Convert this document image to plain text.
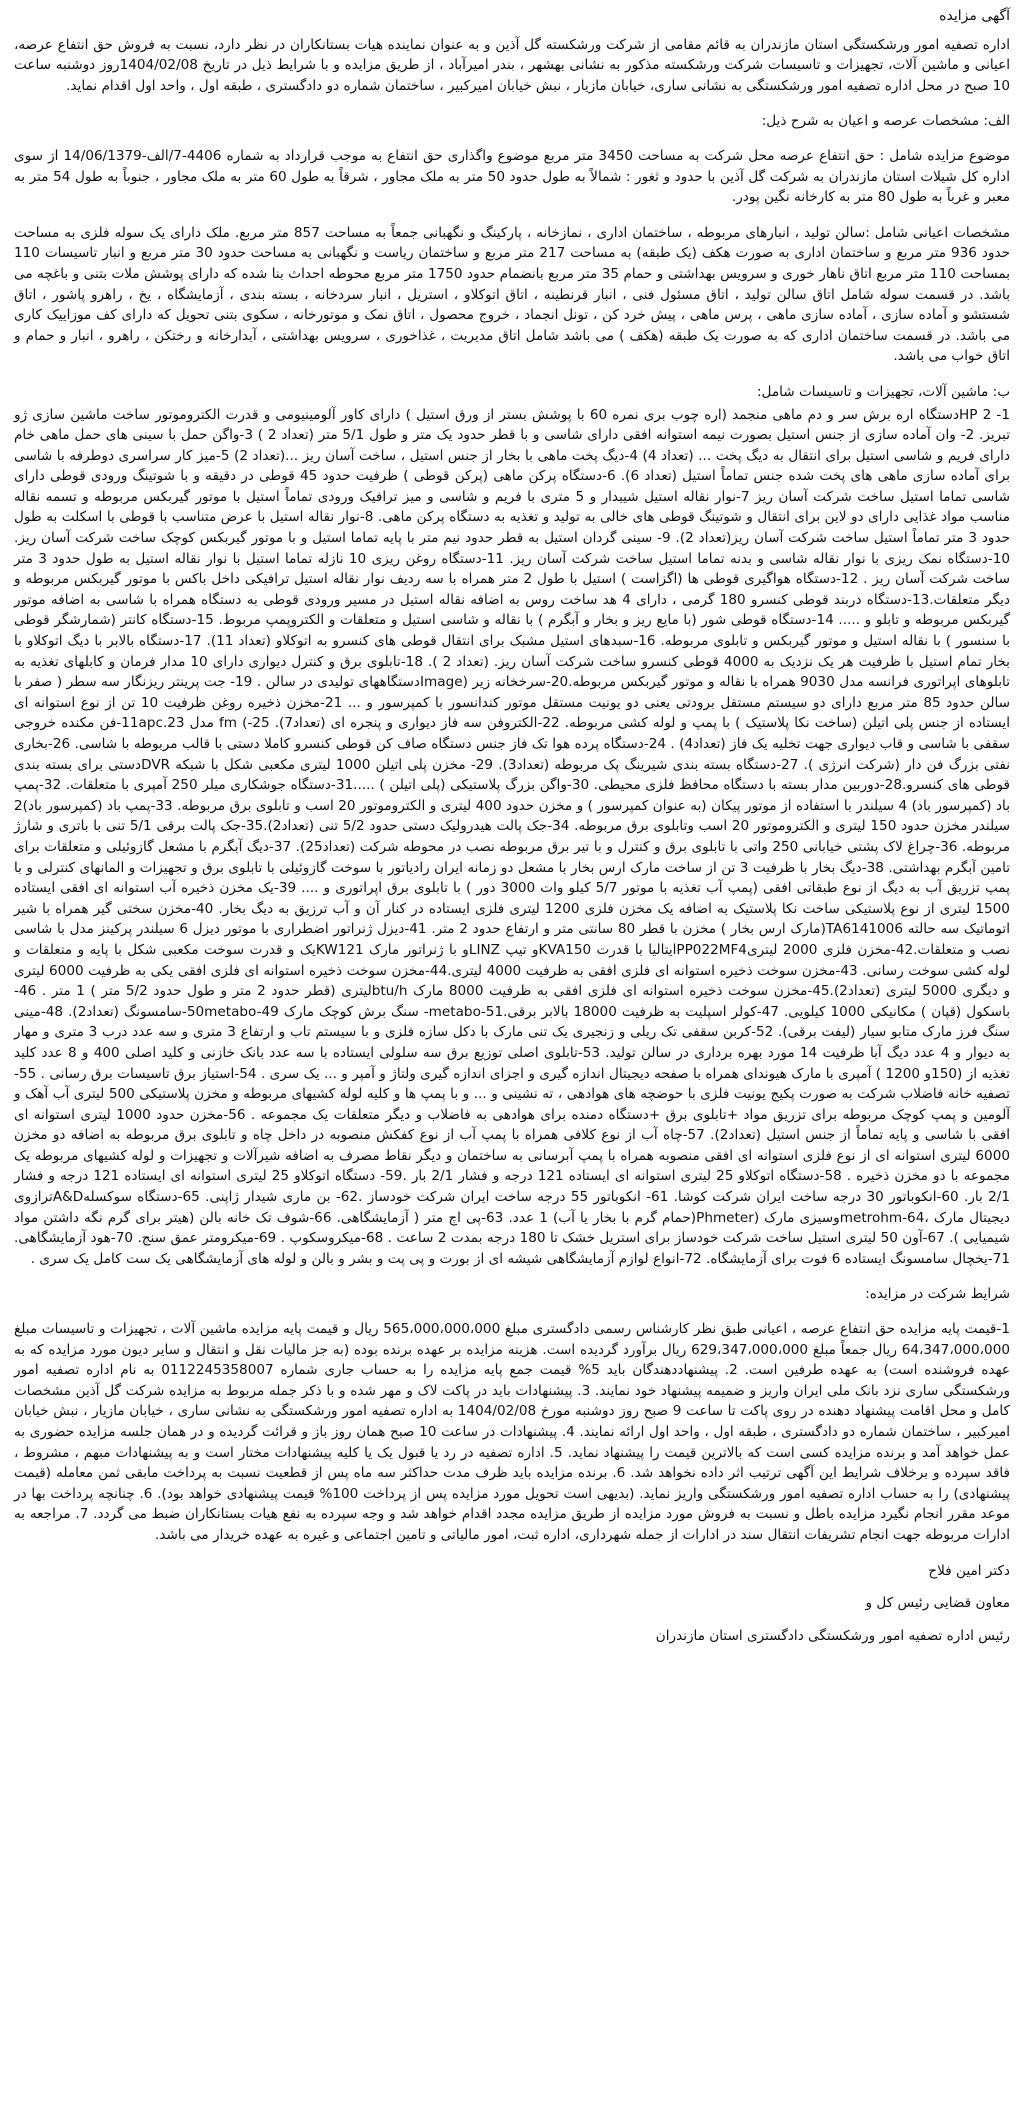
آگهی مزایده
اداره تصفیه امور ورشکستگی استان مازندران به قائم مقامی از شرکت ورشکسته گل آذین و به عنوان نماینده هیات بستانکاران در نظر دارد، نسبت به فروش حق انتفاع عرصه، اعیانی و ماشین آلات، تجهیزات و تاسیسات شرکت ورشکسته مذکور به نشانی بهشهر ، بندر امیرآباد ، از طریق مزایده و با شرایط ذیل در تاریخ 1404/02/08روز دوشنبه ساعت 10 صبح در محل اداره تصفیه امور ورشکستگی به نشانی ساری، خیابان مازیار ، نبش خیابان امیرکبیر ، ساختمان شماره دو دادگستری ، طبقه اول ، واحد اول اقدام نماید.
الف: مشخصات عرصه و اعیان به شرح ذیل:
موضوع مزایده شامل : حق انتفاع عرصه محل شرکت به مساحت 3450 متر مربع موضوع واگذاری حق انتفاع به موجب قرارداد به شماره 4406-7/الف-14/06/1379 از سوی اداره کل شیلات استان مازندران به شرکت گل آذین با حدود و ثغور : شمالاً به طول حدود 50 متر به ملک مجاور ، شرقاً به طول 60 متر به ملک مجاور ، جنوباً به طول 54 متر به معبر و غرباً به طول 80 متر به کارخانه نگین پودر.
مشخصات اعیانی شامل :سالن تولید ، انبارهای مربوطه ، ساختمان اداری ، نمازخانه ، پارکینگ و نگهبانی جمعاً به مساحت 857 متر مربع. ملک دارای یک سوله فلزی به مساحت حدود 936 متر مربع و ساختمان اداری به صورت هکف (یک طبقه) به مساحت 217 متر مربع و ساختمان ریاست و نگهبانی به مساحت حدود 30 متر مربع و انبار تاسیسات 110 بمساحت 110 متر مربع اتاق ناهار خوری و سرویس بهداشتی و حمام 35 متر مربع بانضمام حدود 1750 متر مربع محوطه احداث بنا شده که دارای پوشش ملات بتنی و باغچه می باشد. در قسمت سوله شامل اتاق سالن تولید ، اتاق مسئول فنی ، انبار قرنطینه ، اتاق اتوکلاو ، استریل ، انبار سردخانه ، بسته بندی ، آزمایشگاه ، یخ ، راهرو پاشور ، اتاق شستشو و آماده سازی ، آماده سازی ماهی ، پرس ماهی ، پیش خرد کن ، تونل انجماد ، خروج محصول ، اتاق نمک و موتورخانه ، سکوی بتنی تحویل که دارای کف موزاییک کاری می باشد. در قسمت ساختمان اداری که به صورت یک طبقه (هکف ) می باشد شامل اتاق مدیریت ، غذاخوری ، سرویس بهداشتی ، آبدارخانه و رختکن ، راهرو ، انبار و حمام و اتاق خواب می باشد.
ب: ماشین آلات، تجهیزات و تاسیسات شامل:
1- HP 2دستگاه اره برش سر و دم ماهی منجمد (اره چوب بری نمره 60 با پوشش بستر از ورق استیل ) دارای کاور آلومینیومی و قدرت الکتروموتور ساخت ماشین سازی ژو تبریز. 2- وان آماده سازی از جنس استیل بصورت نیمه استوانه افقی دارای شاسی و با قطر حدود یک متر و طول 5/1 متر (تعداد 2 ) 3-واگن حمل با سینی های حمل ماهی خام دارای فریم و شاسی استیل برای انتقال به دیگ پخت ... (تعداد 4) 4-دیگ پخت ماهی با بخار از جنس استیل ، ساخت آسان ریز ...(تعداد 2) 5-میز کار سراسری دوطرفه با شاسی برای آماده سازی ماهی های پخت شده جنس تماماً استیل (تعداد 6). 6-دستگاه پرکن ماهی (پرکن قوطی ) ظرفیت حدود 45 قوطی در دقیقه و با شوتینگ ورودی قوطی دارای شاسی تماما استیل ساخت شرکت آسان ریز 7-نوار نقاله استیل شیبدار و 5 متری با فریم و شاسی و میز ترافیک ورودی تماماً استیل با موتور گیربکس مربوطه و تسمه نقاله مناسب مواد غذایی دارای دو لاین برای انتقال و شوتینگ قوطی های خالی به تولید و تغذیه به دستگاه پرکن ماهی. 8-نوار نقاله استیل با عرض متناسب با قوطی با اسکلت به طول حدود 3 متر تماماً استیل ساخت شرکت آسان ریز(تعداد 2). 9- سینی گردان استیل به قطر حدود نیم متر با پایه تماما استیل و با موتور گیربکس کوچک ساخت شرکت آسان ریز. 10-دستگاه نمک ریزی با نوار نقاله شاسی و بدنه تماما استیل ساخت شرکت آسان ریز. 11-دستگاه روغن ریزی 10 نازله تماما استیل با نوار نقاله استیل به طول حدود 3 متر ساخت شرکت آسان ریز . 12-دستگاه هواگیری قوطی ها (اگزاست ) استیل با طول 2 متر همراه با سه ردیف نوار نقاله استیل ترافیکی داخل باکس با موتور گیربکس مربوطه و دیگر متعلقات.13-دستگاه دربند قوطی کنسرو 180 گرمی ، دارای 4 هد ساخت روس به اضافه نقاله استیل در مسیر ورودی قوطی به دستگاه همراه با شاسی به اضافه موتور گیربکس مربوطه و تابلو و ..... 14-دستگاه قوطی شور (با مایع ریز و بخار و آبگرم ) با نقاله و شاسی استیل و متعلقات و الکتروپمپ مربوط. 15-دستگاه کانتر (شمارشگر قوطی با سنسور ) با نقاله استیل و موتور گیربکس و تابلوی مربوطه. 16-سبدهای استیل مشبک برای انتقال قوطی های کنسرو به اتوکلاو (تعداد 11). 17-دستگاه بالابر با دیگ اتوکلاو با بخار تمام استیل با ظرفیت هر یک نزدیک به 4000 قوطی کنسرو ساخت شرکت آسان ریز. (تعداد 2 ). 18-تابلوی برق و کنترل دیواری دارای 10 مدار فرمان و کابلهای تغذیه به تابلوهای اپراتوری فرانسه مدل 9030 همراه با نقاله و موتور گیربکس مربوطه.20-سرخخانه زیر (Imageدستگاههای تولیدی در سالن . 19- جت پرینتر ریزنگار سه سطر ( صفر با سالن حدود 85 متر مربع دارای دو سیستم مستقل برودتی یعنی دو یونیت مستقل موتور کندانسور با کمپرسور و ... 21-مخزن ذخیره روغن ظرفیت 10 تن از نوع استوانه ای ایستاده از جنس پلی اتیلن (ساخت نکا پلاستیک ) با پمپ و لوله کشی مربوطه. 22-الکتروفن سه فاز دیواری و پنجره ای (تعداد7). 25-) fm مدل 11apc.23-فن مکنده خروجی سقفی با شاسی و قاب دیواری جهت تخلیه یک فاز (تعداد4) . 24-دستگاه پرده هوا تک فاز جنس دستگاه صاف کن قوطی کنسرو کاملا دستی با قالب مربوطه با شاسی. 26-بخاری نفتی بزرگ فن دار (شرکت انرژی ). 27-دستگاه بسته بندی شیرینگ پک مربوطه (تعداد3). 29- مخزن پلی اتیلن 1000 لیتری مکعبی شکل با شبکه DVRدستی برای بسته بندی قوطی های کنسرو.28-دوربین مدار بسته با دستگاه محافظ فلزی محیطی. 30-واگن بزرگ پلاستیکی (پلی اتیلن ) .....31-دستگاه جوشکاری میلر 250 آمپری با متعلقات. 32-پمپ باد (کمپرسور باد) 4 سیلندر با استفاده از موتور پیکان (به عنوان کمپرسور ) و مخزن حدود 400 لیتری و الکتروموتور 20 اسب و تابلوی برق مربوطه. 33-پمپ باد (کمپرسور باد)2 سیلندر مخزن حدود 150 لیتری و الکتروموتور 20 اسب وتابلوی برق مربوطه. 34-جک پالت هیدرولیک دستی حدود 5/2 تنی (تعداد2).35-جک پالت برقی 5/1 تنی با باتری و شارژ مربوطه. 36-چراغ لاک پشتی خیابانی 250 واتی با تابلوی برق و کنترل و با تیر برق مربوطه نصب در محوطه شرکت (تعداد25). 37-دیگ آبگرم با مشعل گازوئیلی و متعلقات برای تامین آبگرم بهداشتی. 38-دیگ بخار با ظرفیت 3 تن از ساخت مارک ارس بخار با مشعل دو زمانه ایران رادیاتور با سوخت گازوئیلی با تابلوی برق و تجهیزات و المانهای کنترلی و با پمپ تزریق آب به دیگ از نوع طبقاتی افقی (پمپ آب تغذیه با موتور 5/7 کیلو وات 3000 دور ) با تابلوی برق اپراتوری و .... 39-یک مخزن ذخیره آب استوانه ای افقی ایستاده 1500 لیتری از نوع پلاستیکی ساخت نکا پلاستیک به اضافه یک مخزن فلزی 1200 لیتری فلزی ایستاده در کنار آن و آب ترزیق به دیگ بخار. 40-مخزن سختی گیر همراه با شیر اتوماتیک سه حالته TA6141006(مارک ارس بخار ) مخزن با قطر 80 سانتی متر و ارتفاع حدود 2 متر. 41-دیزل ژنراتور اضطراری با موتور دیزل 6 سیلندر پرکینز مدل با شاسی نصب و متعلقات.42-مخزن فلزی 2000 لیتریPP022MF4ایتالیا با قدرت KVA150و تیپ LINZو با ژنراتور مارک KW121یک و قدرت سوخت مکعبی شکل با پایه و متعلقات و لوله کشی سوخت رسانی. 43-مخزن سوخت ذخیره استوانه ای فلزی افقی به ظرفیت 4000 لیتری.44-مخزن سوخت ذخیره استوانه ای فلزی افقی یکی به ظرفیت 6000 لیتری و دیگری 5000 لیتری (تعداد2).45-مخزن سوخت ذخیره استوانه ای فلزی افقی به ظرفیت 8000 مارک btu/hلیتری (قطر حدود 2 متر و طول حدود 5/2 متر ) 1 متر . 46-باسکول (قپان ) مکانیکی 1000 کیلویی. 47-کولر اسپلیت به ظرفیت 18000 بالابر برقی.51-metabo- سنگ برش کوچک مارک 50metabo-49-سامسونگ (تعداد2). 48-مینی سنگ فرز مارک متابو سیار (لیفت برقی). 52-کربن سقفی تک ریلی و زنجیری یک تنی مارک با دکل سازه فلزی و با سیستم تاب و ارتفاع 3 متری و سه عدد درب 3 متری و مهار به دیوار و 4 عدد دیگ آبا ظرفیت 14 مورد بهره برداری در سالن تولید. 53-تابلوی اصلی توزیع برق سه سلولی ایستاده با سه عدد بانک خازنی و کلید اصلی 400 و 8 عدد کلید تغذیه از (150و 1200 ) آمپری با مارک هیوندای همراه با صفحه دیجیتال اندازه گیری و اجزای اندازه گیری ولتاژ و آمپر و ... یک سری . 54-استیاز برق تاسیسات برق رسانی . 55-تصفیه خانه فاضلاب شرکت به صورت پکیج یونیت فلزی با حوضچه های هوادهی ، ته نشینی و ... و با پمپ ها و کلیه لوله کشیهای مربوطه و مخزن پلاستیکی 500 لیتری آب آهک و آلومین و پمپ کوچک مربوطه برای تزریق مواد +تابلوی برق +دستگاه دمنده برای هوادهی به فاضلاب و دیگر متعلقات یک مجموعه . 56-مخزن حدود 1000 لیتری استوانه ای افقی با شاسی و پایه تماماً از جنس استیل (تعداد2). 57-چاه آب از نوع کلافی همراه با پمپ آب از نوع کفکش منصوبه در داخل چاه و تابلوی برق مربوطه به اضافه دو مخزن 6000 لیتری استوانه ای از نوع فلزی استوانه ای افقی منصوبه همراه با پمپ آبرسانی به ساختمان و دیگر نقاط مصرف به اضافه شیرآلات و تجهیزات و لوله کشیهای مربوطه یک مجموعه با دو مخزن ذخیره . 58-دستگاه اتوکلاو 25 لیتری استوانه ای ایستاده 121 درجه و فشار 2/1 بار .59- دستگاه اتوکلاو 25 لیتری استوانه ای ایستاده 121 درجه و فشار 2/1 بار. 60-انکوباتور 30 درجه ساخت ایران شرکت کوشا. 61- انکوباتور 55 درجه ساخت ایران شرکت خودساز .62- بن ماری شیدار ژاپنی. 65-دستگاه سوکسلهA&Dترازوی دیجیتال مارک ،metrohm-64وسیزی مارک (Phmeter(حمام گرم با بخار یا آب) 1 عدد. 63-پی اچ متر ( آزمایشگاهی. 66-شوف تک خانه بالن (هیتر برای گرم نگه داشتن مواد شیمیایی ). 67-آون 50 لیتری استیل ساخت شرکت خودساز برای استریل خشک تا 180 درجه بمدت 2 ساعت . 68-میکروسکوپ . 69-میکرومتر عمق سنج. 70-هود آزمایشگاهی. 71-یخچال سامسونگ ایستاده 6 فوت برای آزمایشگاه. 72-انواع لوازم آزمایشگاهی شیشه ای از بورت و پی پت و بشر و بالن و لوله های آزمایشگاهی یک ست کامل یک سری .
شرایط شرکت در مزایده:
1-قیمت پایه مزایده حق انتفاع عرصه ، اعیانی طبق نظر کارشناس رسمی دادگستری مبلغ 565،000،000،000 ریال و قیمت پایه مزایده ماشین آلات ، تجهیزات و تاسیسات مبلغ 64،347،000،000 ریال جمعاً مبلغ 629،347،000،000 ریال برآورد گردیده است. هزینه مزایده بر عهده برنده بوده (به جز مالیات نقل و انتقال و سایر دیون مورد مزایده که به عهده فروشنده است) به عهده طرفین است. 2. پیشنهاددهندگان باید 5% قیمت جمع پایه مزایده را به حساب جاری شماره 0112245358007 به نام اداره تصفیه امور ورشکستگی ساری نزد بانک ملی ایران واریز و ضمیمه پیشنهاد خود نمایند. 3. پیشنهادات باید در پاکت لاک و مهر شده و با ذکر جمله مربوط به مزایده شرکت گل آذین مشخصات کامل و محل اقامت پیشنهاد دهنده در روی پاکت تا ساعت 9 صبح روز دوشنبه مورخ 1404/02/08 به اداره تصفیه امور ورشکستگی به نشانی ساری ، خیابان مازیار ، نبش خیابان امیرکبیر ، ساختمان شماره دو دادگستری ، طبقه اول ، واحد اول ارائه نمایند. 4. پیشنهادات در ساعت 10 صبح همان روز باز و قرائت گردیده و در همان جلسه مزایده حضوری به عمل خواهد آمد و برنده مزایده کسی است که بالاترین قیمت را پیشنهاد نماید. 5. اداره تصفیه در رد یا قبول یک یا کلیه پیشنهادات مختار است و به پیشنهادات مبهم ، مشروط ، فاقد سپرده و برخلاف شرایط این آگهی ترتیب اثر داده نخواهد شد. 6. برنده مزایده باید ظرف مدت حداکثر سه ماه پس از قطعیت نسبت به پرداخت مابقی ثمن معامله (قیمت پیشنهادی) را به حساب اداره تصفیه امور ورشکستگی واریز نماید. (بدیهی است تحویل مورد مزایده پس از پرداخت 100% قیمت پیشنهادی خواهد بود). 6. چنانچه پرداخت بها در موعد مقرر انجام نگیرد مزایده باطل و نسبت به فروش مورد مزایده از طریق مزایده مجدد اقدام خواهد شد و وجه سپرده به نفع هیات بستانکاران ضبط می گردد. 7. مراجعه به ادارات مربوطه جهت انجام تشریفات انتقال سند در ادارات از جمله شهرداری، اداره ثبت، امور مالیاتی و تامین اجتماعی و غیره به عهده خریدار می باشد.
دکتر امین فلاح
معاون قضایی رئیس کل و
رئیس اداره تصفیه امور ورشکستگی دادگستری استان مازندران
